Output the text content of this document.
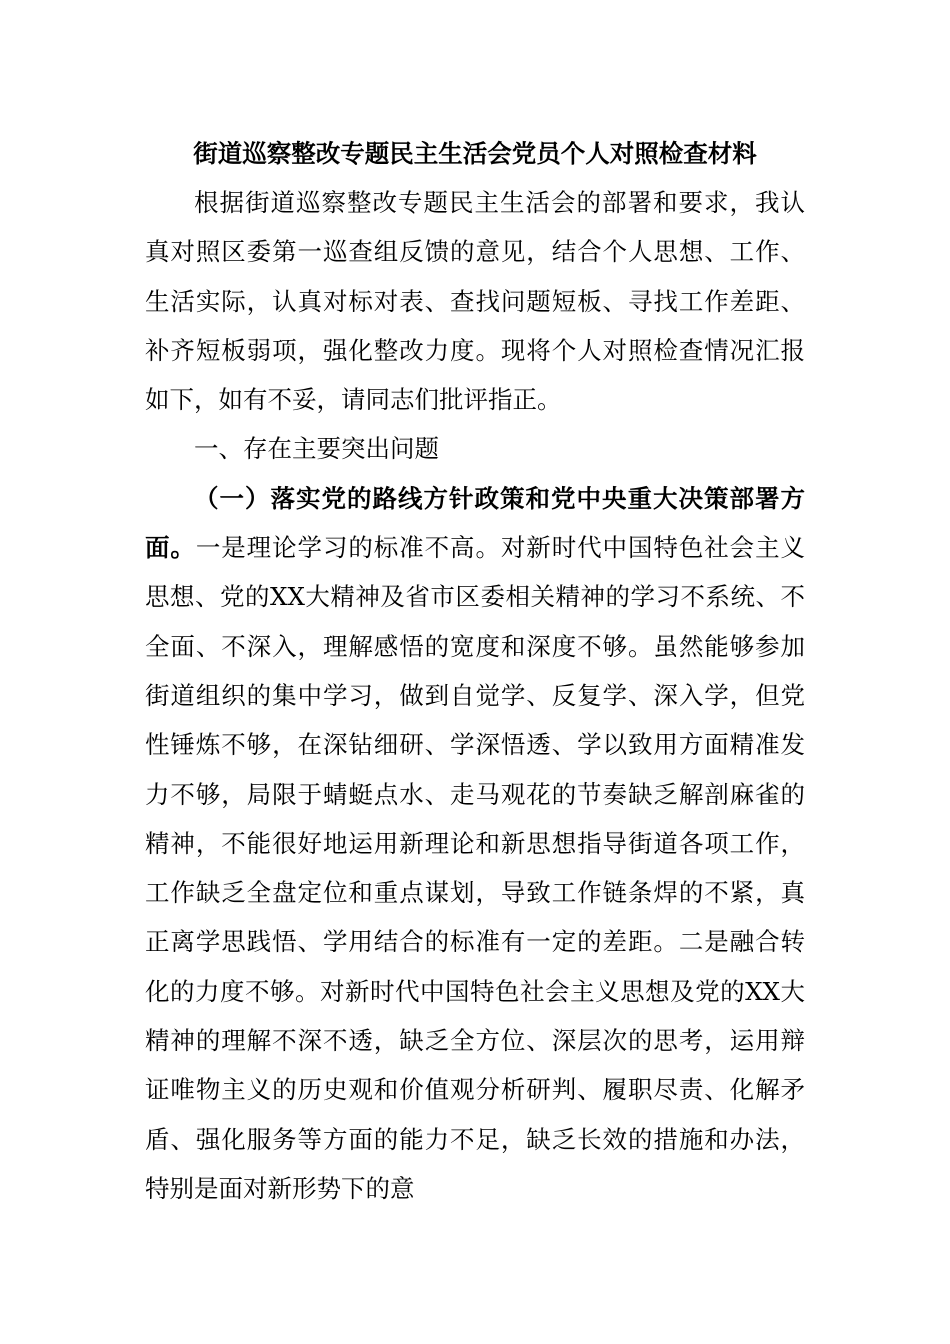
街道巡察整改专题民主生活会党员个人对照检查材料

根据街道巡察整改专题民主生活会的部署和要求，我认真对照区委第一巡查组反馈的意见，结合个人思想、工作、生活实际，认真对标对表、查找问题短板、寻找工作差距、补齐短板弱项，强化整改力度。现将个人对照检查情况汇报如下，如有不妥，请同志们批评指正。

一、存在主要突出问题

（一）落实党的路线方针政策和党中央重大决策部署方面。一是理论学习的标准不高。对新时代中国特色社会主义思想、党的XX大精神及省市区委相关精神的学习不系统、不全面、不深入，理解感悟的宽度和深度不够。虽然能够参加街道组织的集中学习，做到自觉学、反复学、深入学，但党性锤炼不够，在深钻细研、学深悟透、学以致用方面精准发力不够，局限于蜻蜓点水、走马观花的节奏缺乏解剖麻雀的精神，不能很好地运用新理论和新思想指导街道各项工作，工作缺乏全盘定位和重点谋划，导致工作链条焊的不紧，真正离学思践悟、学用结合的标准有一定的差距。二是融合转化的力度不够。对新时代中国特色社会主义思想及党的XX大精神的理解不深不透，缺乏全方位、深层次的思考，运用辩证唯物主义的历史观和价值观分析研判、履职尽责、化解矛盾、强化服务等方面的能力不足，缺乏长效的措施和办法，特别是面对新形势下的意
